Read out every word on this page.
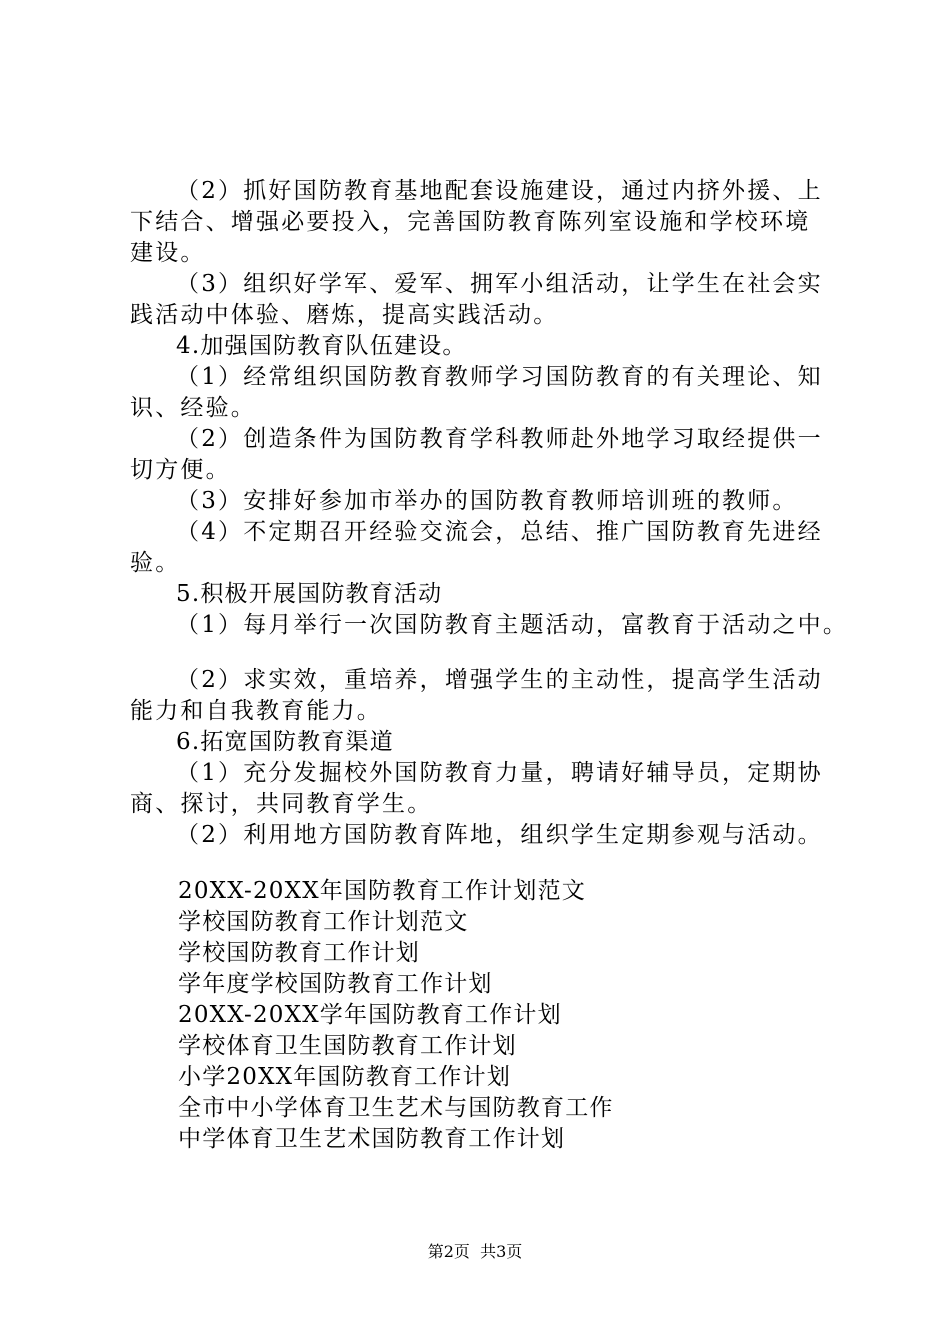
（2）抓好国防教育基地配套设施建设，通过内挤外援、上
下结合、增强必要投入，完善国防教育陈列室设施和学校环境
建设。
（3）组织好学军、爱军、拥军小组活动，让学生在社会实
践活动中体验、磨炼，提高实践活动。
4.加强国防教育队伍建设。
（1）经常组织国防教育教师学习国防教育的有关理论、知
识、经验。
（2）创造条件为国防教育学科教师赴外地学习取经提供一
切方便。
（3）安排好参加市举办的国防教育教师培训班的教师。
（4）不定期召开经验交流会，总结、推广国防教育先进经
验。
5.积极开展国防教育活动
（1）每月举行一次国防教育主题活动，富教育于活动之中。
（2）求实效，重培养，增强学生的主动性，提高学生活动
能力和自我教育能力。
6.拓宽国防教育渠道
（1）充分发掘校外国防教育力量，聘请好辅导员，定期协
商、探讨，共同教育学生。
（2）利用地方国防教育阵地，组织学生定期参观与活动。
20XX-20XX年国防教育工作计划范文
学校国防教育工作计划范文
学校国防教育工作计划
学年度学校国防教育工作计划
20XX-20XX学年国防教育工作计划
学校体育卫生国防教育工作计划
小学20XX年国防教育工作计划
全市中小学体育卫生艺术与国防教育工作
中学体育卫生艺术国防教育工作计划
第2页  共3页
